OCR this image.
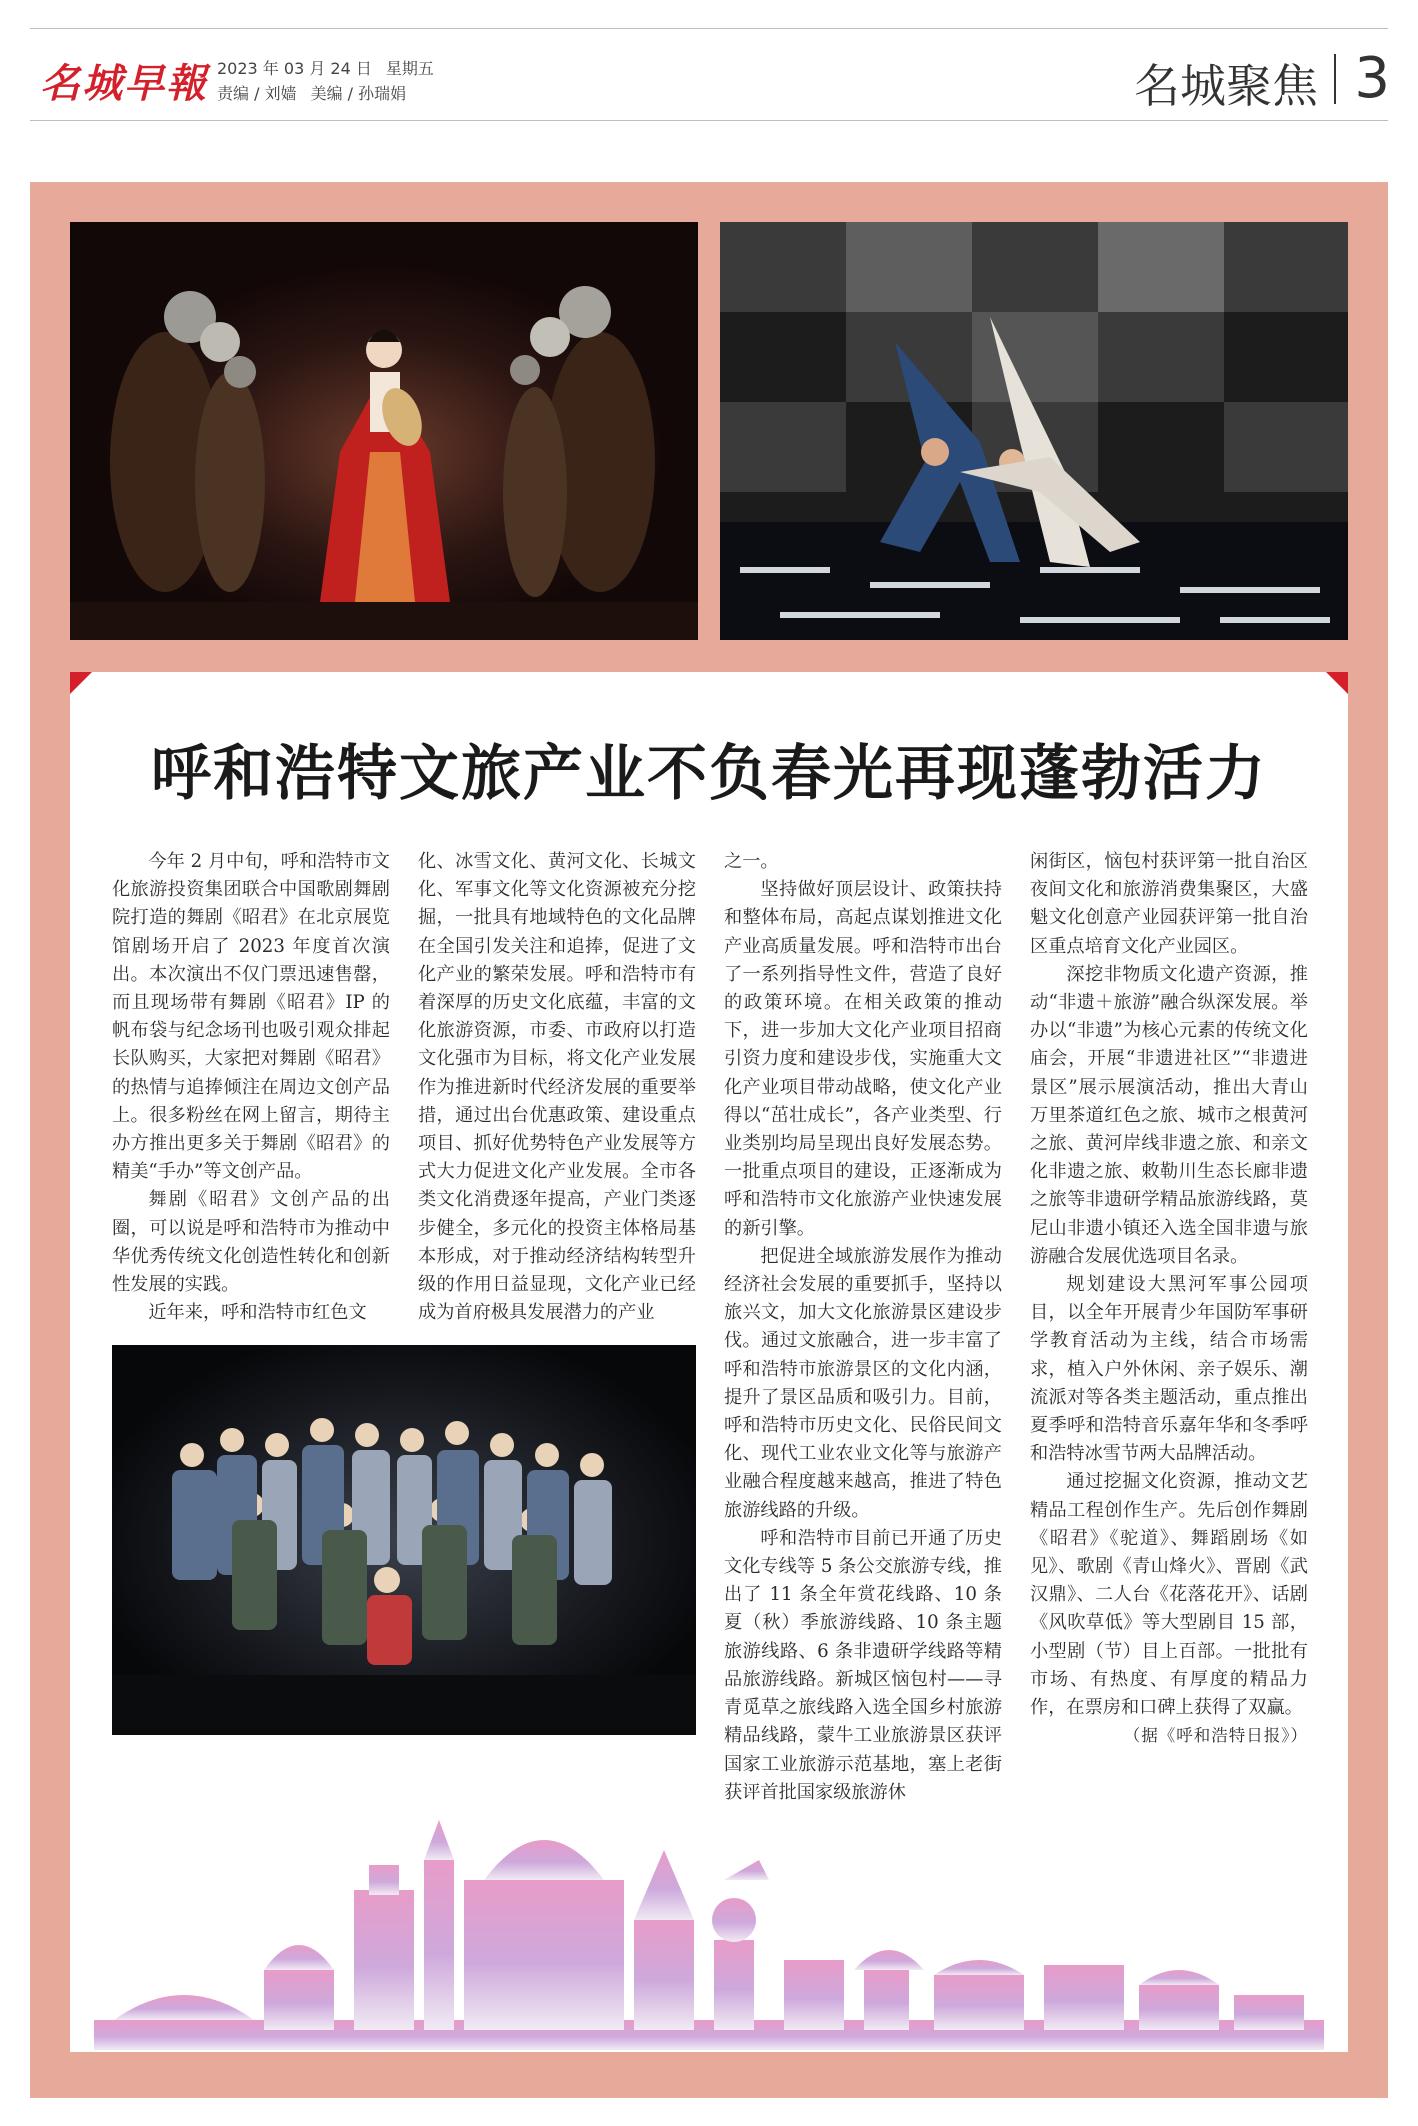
名城早報 2023 年 03 月 24 日 星期五
责编 / 刘嫱 美编 / 孙瑞娟	名城聚焦 3
呼和浩特文旅产业不负春光再现蓬勃活力

今年 2 月中旬，呼和浩特市文化旅游投资集团联合中国歌剧舞剧院打造的舞剧《昭君》在北京展览馆剧场开启了 2023 年度首次演出。本次演出不仅门票迅速售罄，而且现场带有舞剧《昭君》IP 的帆布袋与纪念场刊也吸引观众排起长队购买，大家把对舞剧《昭君》的热情与追捧倾注在周边文创产品上。很多粉丝在网上留言，期待主办方推出更多关于舞剧《昭君》的精美“手办”等文创产品。

舞剧《昭君》文创产品的出圈，可以说是呼和浩特市为推动中华优秀传统文化创造性转化和创新性发展的实践。

近年来，呼和浩特市红色文

化、冰雪文化、黄河文化、长城文化、军事文化等文化资源被充分挖掘，一批具有地域特色的文化品牌在全国引发关注和追捧，促进了文化产业的繁荣发展。呼和浩特市有着深厚的历史文化底蕴，丰富的文化旅游资源，市委、市政府以打造文化强市为目标，将文化产业发展作为推进新时代经济发展的重要举措，通过出台优惠政策、建设重点项目、抓好优势特色产业发展等方式大力促进文化产业发展。全市各类文化消费逐年提高，产业门类逐步健全，多元化的投资主体格局基本形成，对于推动经济结构转型升级的作用日益显现，文化产业已经成为首府极具发展潜力的产业

之一。

坚持做好顶层设计、政策扶持和整体布局，高起点谋划推进文化产业高质量发展。呼和浩特市出台了一系列指导性文件，营造了良好的政策环境。在相关政策的推动下，进一步加大文化产业项目招商引资力度和建设步伐，实施重大文化产业项目带动战略，使文化产业得以“茁壮成长”，各产业类型、行业类别均局呈现出良好发展态势。一批重点项目的建设，正逐渐成为呼和浩特市文化旅游产业快速发展的新引擎。

把促进全域旅游发展作为推动经济社会发展的重要抓手，坚持以旅兴文，加大文化旅游景区建设步伐。通过文旅融合，进一步丰富了呼和浩特市旅游景区的文化内涵，提升了景区品质和吸引力。目前，呼和浩特市历史文化、民俗民间文化、现代工业农业文化等与旅游产业融合程度越来越高，推进了特色旅游线路的升级。

呼和浩特市目前已开通了历史文化专线等 5 条公交旅游专线，推出了 11 条全年赏花线路、10 条夏（秋）季旅游线路、10 条主题旅游线路、6 条非遗研学线路等精品旅游线路。新城区恼包村——寻青觅草之旅线路入选全国乡村旅游精品线路，蒙牛工业旅游景区获评国家工业旅游示范基地，塞上老街获评首批国家级旅游休

闲街区，恼包村获评第一批自治区夜间文化和旅游消费集聚区，大盛魁文化创意产业园获评第一批自治区重点培育文化产业园区。

深挖非物质文化遗产资源，推动“非遗＋旅游”融合纵深发展。举办以“非遗”为核心元素的传统文化庙会，开展“非遗进社区”“非遗进景区”展示展演活动，推出大青山万里茶道红色之旅、城市之根黄河之旅、黄河岸线非遗之旅、和亲文化非遗之旅、敕勒川生态长廊非遗之旅等非遗研学精品旅游线路，莫尼山非遗小镇还入选全国非遗与旅游融合发展优选项目名录。

规划建设大黑河军事公园项目，以全年开展青少年国防军事研学教育活动为主线，结合市场需求，植入户外休闲、亲子娱乐、潮流派对等各类主题活动，重点推出夏季呼和浩特音乐嘉年华和冬季呼和浩特冰雪节两大品牌活动。

通过挖掘文化资源，推动文艺精品工程创作生产。先后创作舞剧《昭君》《驼道》、舞蹈剧场《如见》、歌剧《青山烽火》、晋剧《武汉鼎》、二人台《花落花开》、话剧《风吹草低》等大型剧目 15 部，小型剧（节）目上百部。一批批有市场、有热度、有厚度的精品力作，在票房和口碑上获得了双赢。

（据《呼和浩特日报》）
